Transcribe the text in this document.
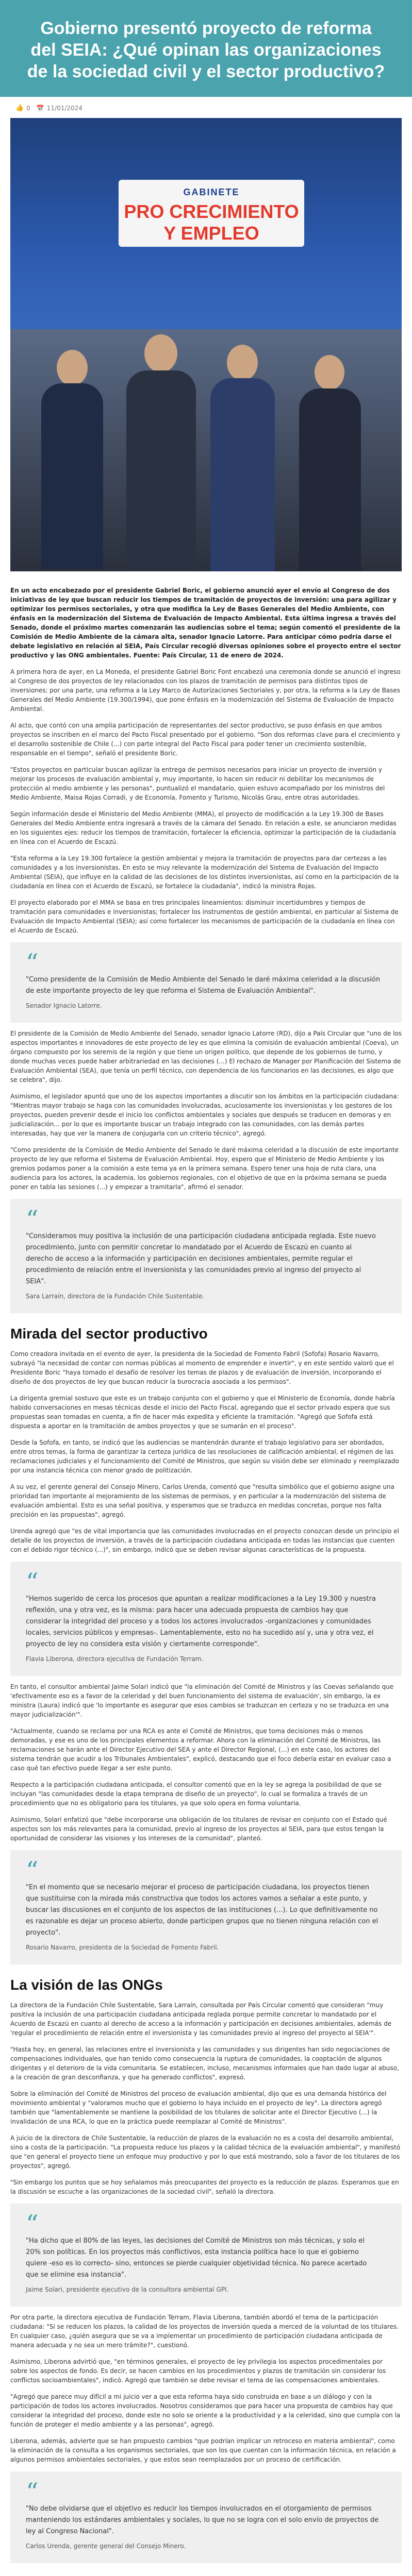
Gobierno presentó proyecto de reforma del SEIA: ¿Qué opinan las organizaciones de la sociedad civil y el sector productivo?
👍 0 📅 11/01/2024
GABINETE
PRO CRECIMIENTO Y EMPLEO

En un acto encabezado por el presidente Gabriel Boric, el gobierno anunció ayer el envío al Congreso de dos iniciativas de ley que buscan reducir los tiempos de tramitación de proyectos de inversión: una para agilizar y optimizar los permisos sectoriales, y otra que modifica la Ley de Bases Generales del Medio Ambiente, con énfasis en la modernización del Sistema de Evaluación de Impacto Ambiental. Esta última ingresa a través del Senado, donde el próximo martes comenzarán las audiencias sobre el tema; según comentó el presidente de la Comisión de Medio Ambiente de la cámara alta, senador Ignacio Latorre. Para anticipar cómo podría darse el debate legislativo en relación al SEIA, País Circular recogió diversas opiniones sobre el proyecto entre el sector productivo y las ONG ambientales. Fuente: País Circular, 11 de enero de 2024.

A primera hora de ayer, en La Moneda, el presidente Gabriel Boric Font encabezó una ceremonia donde se anunció el ingreso al Congreso de dos proyectos de ley relacionados con los plazos de tramitación de permisos para distintos tipos de inversiones; por una parte, una reforma a la Ley Marco de Autorizaciones Sectoriales y, por otra, la reforma a la Ley de Bases Generales del Medio Ambiente (19.300/1994), que pone énfasis en la modernización del Sistema de Evaluación de Impacto Ambiental.

Al acto, que contó con una amplia participación de representantes del sector productivo, se puso énfasis en que ambos proyectos se inscriben en el marco del Pacto Fiscal presentado por el gobierno. "Son dos reformas clave para el crecimiento y el desarrollo sostenible de Chile (...) con parte integral del Pacto Fiscal para poder tener un crecimiento sostenible, responsable en el tiempo", señaló el presidente Boric.

"Estos proyectos en particular buscan agilizar la entrega de permisos necesarios para iniciar un proyecto de inversión y mejorar los procesos de evaluación ambiental y, muy importante, lo hacen sin reducir ni debilitar los mecanismos de protección al medio ambiente y las personas", puntualizó el mandatario, quien estuvo acompañado por los ministros del Medio Ambiente, Maisa Rojas Corradi, y de Economía, Fomento y Turismo, Nicolás Grau, entre otras autoridades.

Según información desde el Ministerio del Medio Ambiente (MMA), el proyecto de modificación a la Ley 19.300 de Bases Generales del Medio Ambiente entra ingresará a través de la cámara del Senado. En relación a este, se anunciaron medidas en los siguientes ejes: reducir los tiempos de tramitación, fortalecer la eficiencia, optimizar la participación de la ciudadanía en línea con el Acuerdo de Escazú.

"Esta reforma a la Ley 19.300 fortalece la gestión ambiental y mejora la tramitación de proyectos para dar certezas a las comunidades y a los inversionistas. En esto se muy relevante la modernización del Sistema de Evaluación del Impacto Ambiental (SEIA), que influye en la calidad de las decisiones de los distintos inversionistas, así como en la participación de la ciudadanía en línea con el Acuerdo de Escazú, se fortalece la ciudadanía", indicó la ministra Rojas.

El proyecto elaborado por el MMA se basa en tres principales lineamientos: disminuir incertidumbres y tiempos de tramitación para comunidades e inversionistas; fortalecer los instrumentos de gestión ambiental, en particular al Sistema de Evaluación de Impacto Ambiental (SEIA); así como fortalecer los mecanismos de participación de la ciudadanía en línea con el Acuerdo de Escazú.

“
"Como presidente de la Comisión de Medio Ambiente del Senado le daré máxima celeridad a la discusión de este importante proyecto de ley que reforma el Sistema de Evaluación Ambiental".
Senador Ignacio Latorre.

El presidente de la Comisión de Medio Ambiente del Senado, senador Ignacio Latorre (RD), dijo a País Circular que "uno de los aspectos importantes e innovadores de este proyecto de ley es que elimina la comisión de evaluación ambiental (Coeva), un órgano compuesto por los seremis de la región y que tiene un origen político, que depende de los gobiernos de turno, y donde muchas veces puede haber arbitrariedad en las decisiones (...) El rechazo de Manager por Planificación del Sistema de Evaluación Ambiental (SEA), que tenía un perfil técnico, con dependencia de los funcionarios en las decisiones, es algo que se celebra", dijo.

Asimismo, el legislador apuntó que uno de los aspectos importantes a discutir son los ámbitos en la participación ciudadana: "Mientras mayor trabajo se haga con las comunidades involucradas, acuciosamente los inversionistas y los gestores de los proyectos, pueden prevenir desde el inicio los conflictos ambientales y sociales que después se traducen en demoras y en judicialización... por lo que es importante buscar un trabajo integrado con las comunidades, con las demás partes interesadas, hay que ver la manera de conjugarla con un criterio técnico", agregó.

"Como presidente de la Comisión de Medio Ambiente del Senado le daré máxima celeridad a la discusión de este importante proyecto de ley que reforma el Sistema de Evaluación Ambiental. Hoy, espero que el Ministerio de Medio Ambiente y los gremios podamos poner a la comisión a este tema ya en la primera semana. Espero tener una hoja de ruta clara, una audiencia para los actores, la academia, los gobiernos regionales, con el objetivo de que en la próxima semana se pueda poner en tabla las sesiones (...) y empezar a tramitarla", afirmó el senador.

“
"Consideramos muy positiva la inclusión de una participación ciudadana anticipada reglada. Este nuevo procedimiento, junto con permitir concretar lo mandatado por el Acuerdo de Escazú en cuanto al derecho de acceso a la información y participación en decisiones ambientales, permite regular el procedimiento de relación entre el inversionista y las comunidades previo al ingreso del proyecto al SEIA".
Sara Larraín, directora de la Fundación Chile Sustentable.
Mirada del sector productivo

Como creadora invitada en el evento de ayer, la presidenta de la Sociedad de Fomento Fabril (Sofofa) Rosario Navarro, subrayó "la necesidad de contar con normas públicas al momento de emprender e invertir", y en este sentido valoró que el Presidente Boric "haya tomado el desafío de resolver los temas de plazos y de evaluación de inversión, incorporando el diseño de dos proyectos de ley que buscan reducir la burocracia asociada a los permisos".

La dirigenta gremial sostuvo que este es un trabajo conjunto con el gobierno y que el Ministerio de Economía, donde habría habido conversaciones en mesas técnicas desde el inicio del Pacto Fiscal, agregando que el sector privado espera que sus propuestas sean tomadas en cuenta, a fin de hacer más expedita y eficiente la tramitación. "Agregó que Sofofa está dispuesta a aportar en la tramitación de ambos proyectos y que se sumarán en el proceso".

Desde la Sofofa, en tanto, se indicó que las audiencias se mantendrán durante el trabajo legislativo para ser abordados, entre otros temas, la forma de garantizar la certeza jurídica de las resoluciones de calificación ambiental, el régimen de las reclamaciones judiciales y el funcionamiento del Comité de Ministros, que según su visión debe ser eliminado y reemplazado por una instancia técnica con menor grado de politización.

A su vez, el gerente general del Consejo Minero, Carlos Urenda, comentó que "resulta simbólico que el gobierno asigne una prioridad tan importante al mejoramiento de los sistemas de permisos, y en particular a la modernización del sistema de evaluación ambiental. Esto es una señal positiva, y esperamos que se traduzca en medidas concretas, porque nos falta precisión en las propuestas", agregó.

Urenda agregó que "es de vital importancia que las comunidades involucradas en el proyecto conozcan desde un principio el detalle de los proyectos de inversión, a través de la participación ciudadana anticipada en todas las instancias que cuenten con el debido rigor técnico (...)", sin embargo, indicó que se deben revisar algunas características de la propuesta.

“
"Hemos sugerido de cerca los procesos que apuntan a realizar modificaciones a la Ley 19.300 y nuestra reflexión, una y otra vez, es la misma: para hacer una adecuada propuesta de cambios hay que considerar la integridad del proceso y a todos los actores involucrados -organizaciones y comunidades locales, servicios públicos y empresas-. Lamentablemente, esto no ha sucedido así y, una y otra vez, el proyecto de ley no considera esta visión y ciertamente corresponde".
Flavia Liberona, directora ejecutiva de Fundación Terram.

En tanto, el consultor ambiental Jaime Solari indicó que "la eliminación del Comité de Ministros y las Coevas señalando que 'efectivamente eso es a favor de la celeridad y del buen funcionamiento del sistema de evaluación', sin embargo, la ex ministra (Laura) indicó que 'lo importante es asegurar que esos cambios se traduzcan en certeza y no se traduzca en una mayor judicialización'".

"Actualmente, cuando se reclama por una RCA es ante el Comité de Ministros, que toma decisiones más o menos demoradas, y ese es uno de los principales elementos a reformar. Ahora con la eliminación del Comité de Ministros, las reclamaciones se harán ante el Director Ejecutivo del SEA y ante el Director Regional, (...) en este caso, los actores del sistema tendrán que acudir a los Tribunales Ambientales", explicó, destacando que el foco debería estar en evaluar caso a caso qué tan efectivo puede llegar a ser este punto.

Respecto a la participación ciudadana anticipada, el consultor comentó que en la ley se agrega la posibilidad de que se incluyan "las comunidades desde la etapa temprana de diseño de un proyecto", lo cual se formaliza a través de un procedimiento que no es obligatorio para los titulares, ya que solo opera en forma voluntaria.

Asimismo, Solari enfatizó que "debe incorporarse una obligación de los titulares de revisar en conjunto con el Estado qué aspectos son los más relevantes para la comunidad, previo al ingreso de los proyectos al SEIA, para que estos tengan la oportunidad de considerar las visiones y los intereses de la comunidad", planteó.

“
"En el momento que se necesario mejorar el proceso de participación ciudadana, los proyectos tienen que sustituirse con la mirada más constructiva que todos los actores vamos a señalar a este punto, y buscar las discusiones en el conjunto de los aspectos de las instituciones (...). Lo que definitivamente no es razonable es dejar un proceso abierto, donde participen grupos que no tienen ninguna relación con el proyecto".
Rosario Navarro, presidenta de la Sociedad de Fomento Fabril.
La visión de las ONGs

La directora de la Fundación Chile Sustentable, Sara Larraín, consultada por País Circular comentó que consideran "muy positiva la inclusión de una participación ciudadana anticipada reglada porque permite concretar lo mandatado por el Acuerdo de Escazú en cuanto al derecho de acceso a la información y participación en decisiones ambientales, además de 'regular el procedimiento de relación entre el inversionista y las comunidades previo al ingreso del proyecto al SEIA'".

"Hasta hoy, en general, las relaciones entre el inversionista y las comunidades y sus dirigentes han sido negociaciones de compensaciones individuales, que han tenido como consecuencia la ruptura de comunidades, la cooptación de algunos dirigentes y el deterioro de la vida comunitaria. Se establecen, incluso, mecanismos informales que han dado lugar al abuso, a la creación de gran desconfianza, y que ha generado conflictos", expresó.

Sobre la eliminación del Comité de Ministros del proceso de evaluación ambiental, dijo que es una demanda histórica del movimiento ambiental y "valoramos mucho que el gobierno lo haya incluido en el proyecto de ley". La directora agregó también que "lamentablemente se mantiene la posibilidad de los titulares de solicitar ante el Director Ejecutivo (...) la invalidación de una RCA, lo que en la práctica puede reemplazar al Comité de Ministros".

A juicio de la directora de Chile Sustentable, la reducción de plazos de la evaluación no es a costa del desarrollo ambiental, sino a costa de la participación. "La propuesta reduce los plazos y la calidad técnica de la evaluación ambiental", y manifestó que "en general el proyecto tiene un enfoque muy productivo y por lo que está mostrando, solo a favor de los titulares de los proyectos", agregó.

"Sin embargo los puntos que se hoy señalamos más preocupantes del proyecto es la reducción de plazos. Esperamos que en la discusión se escuche a las organizaciones de la sociedad civil", señaló la directora.

“
"Ha dicho que el 80% de las leyes, las decisiones del Comité de Ministros son más técnicas, y solo el 20% son políticas. En los proyectos más conflictivos, esta instancia política hace lo que el gobierno quiere -eso es lo correcto- sino, entonces se pierde cualquier objetividad técnica. No parece acertado que se elimine esa instancia".
Jaime Solari, presidente ejecutivo de la consultora ambiental GPI.

Por otra parte, la directora ejecutiva de Fundación Terram, Flavia Liberona, también abordó el tema de la participación ciudadana: "Si se reducen los plazos, la calidad de los proyectos de inversión queda a merced de la voluntad de los titulares. En cualquier caso, ¿quién asegura que se va a implementar un procedimiento de participación ciudadana anticipada de manera adecuada y no sea un mero trámite?", cuestionó.

Asimismo, Liberona advirtió que, "en términos generales, el proyecto de ley privilegia los aspectos procedimentales por sobre los aspectos de fondo. Es decir, se hacen cambios en los procedimientos y plazos de tramitación sin considerar los conflictos socioambientales", indicó. Agregó que también se debe revisar el tema de las compensaciones ambientales.

"Agregó que parece muy difícil a mi juicio ver a que esta reforma haya sido construida en base a un diálogo y con la participación de todos los actores involucrados. Nosotros consideramos que para hacer una propuesta de cambios hay que considerar la integridad del proceso, donde este no solo se oriente a la productividad y a la celeridad, sino que cumpla con la función de proteger el medio ambiente y a las personas", agregó.

Liberona, además, advierte que se han propuesto cambios "que podrían implicar un retroceso en materia ambiental", como la eliminación de la consulta a los organismos sectoriales, que son los que cuentan con la información técnica, en relación a algunos permisos ambientales sectoriales, y que estos sean reemplazados por un proceso de certificación.

“
"No debe olvidarse que el objetivo es reducir los tiempos involucrados en el otorgamiento de permisos manteniendo los estándares ambientales y sociales, lo que no se logra con el solo envío de proyectos de ley al Congreso Nacional".
Carlos Urenda, gerente general del Consejo Minero.
